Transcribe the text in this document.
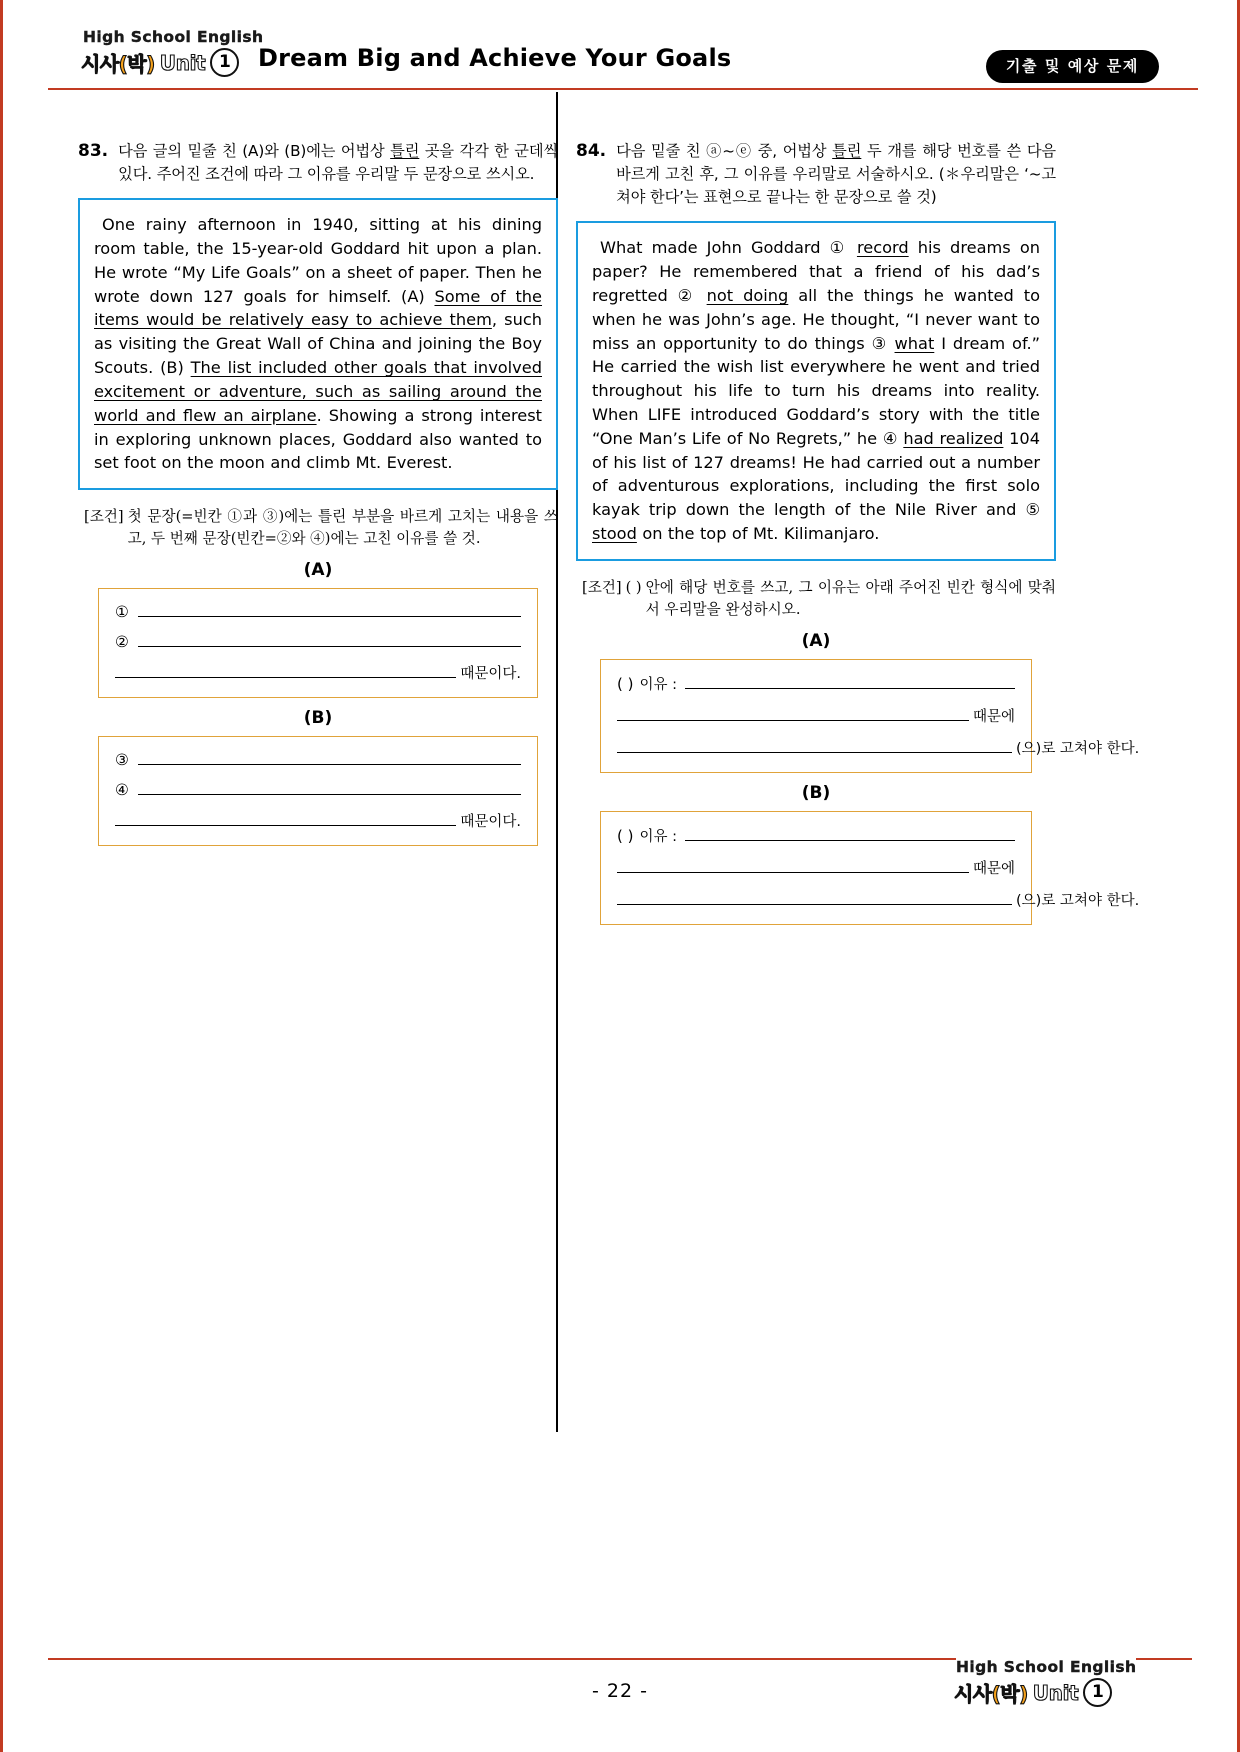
High School English
시사(박) Unit 1	Dream Big and Achieve Your Goals	기출 및 예상 문제
83. 다음 글의 밑줄 친 (A)와 (B)에는 어법상 틀린 곳을 각각 한 군데씩 있다. 주어진 조건에 따라 그 이유를 우리말 두 문장으로 쓰시오.
One rainy afternoon in 1940, sitting at his dining room table, the 15-year-old Goddard hit upon a plan. He wrote “My Life Goals” on a sheet of paper. Then he wrote down 127 goals for himself. (A) Some of the items would be relatively easy to achieve them, such as visiting the Great Wall of China and joining the Boy Scouts. (B) The list included other goals that involved excitement or adventure, such as sailing around the world and flew an airplane. Showing a strong interest in exploring unknown places, Goddard also wanted to set foot on the moon and climb Mt. Everest.
[조건] 첫 문장(=빈칸 ①과 ③)에는 틀린 부분을 바르게 고치는 내용을 쓰고, 두 번째 문장(빈칸=②와 ④)에는 고친 이유를 쓸 것.
(A)
①
②
때문이다.
(B)
③
④
때문이다.
84. 다음 밑줄 친 ⓐ~ⓔ 중, 어법상 틀린 두 개를 해당 번호를 쓴 다음 바르게 고친 후, 그 이유를 우리말로 서술하시오. (＊우리말은 ‘~고쳐야 한다’는 표현으로 끝나는 한 문장으로 쓸 것)
What made John Goddard ① record his dreams on paper? He remembered that a friend of his dad’s regretted ② not doing all the things he wanted to when he was John’s age. He thought, “I never want to miss an opportunity to do things ③ what I dream of.” He carried the wish list everywhere he went and tried throughout his life to turn his dreams into reality. When LIFE introduced Goddard’s story with the title “One Man’s Life of No Regrets,” he ④ had realized 104 of his list of 127 dreams! He had carried out a number of adventurous explorations, including the first solo kayak trip down the length of the Nile River and ⑤ stood on the top of Mt. Kilimanjaro.
[조건] ( ) 안에 해당 번호를 쓰고, 그 이유는 아래 주어진 빈칸 형식에 맞춰서 우리말을 완성하시오.
(A)
( ) 이유 :
때문에
(으)로 고쳐야 한다.
(B)
( ) 이유 :
때문에
(으)로 고쳐야 한다.
- 22 -
High School English
시사(박) Unit 1
